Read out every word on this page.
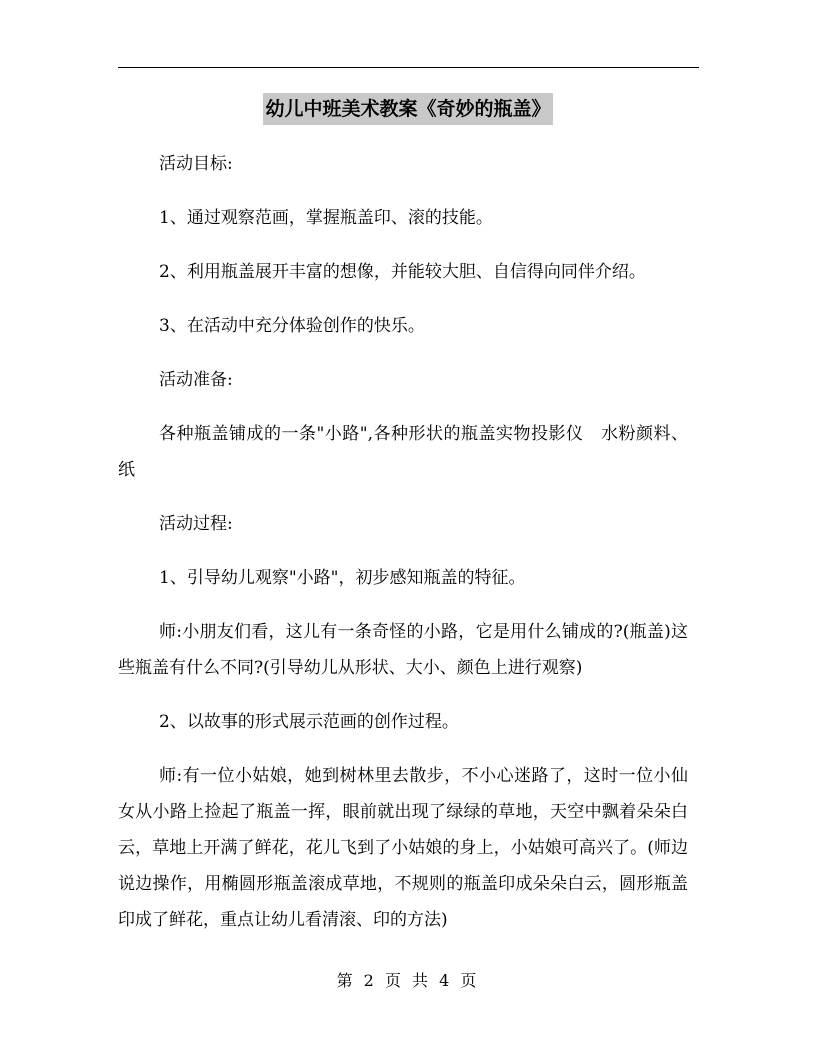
幼儿中班美术教案《奇妙的瓶盖》

活动目标:

1、通过观察范画，掌握瓶盖印、滚的技能。

2、利用瓶盖展开丰富的想像，并能较大胆、自信得向同伴介绍。

3、在活动中充分体验创作的快乐。

活动准备:

各种瓶盖铺成的一条"小路",各种形状的瓶盖实物投影仪　水粉颜料、纸

活动过程:

1、引导幼儿观察"小路"，初步感知瓶盖的特征。

师:小朋友们看，这儿有一条奇怪的小路，它是用什么铺成的?(瓶盖)这些瓶盖有什么不同?(引导幼儿从形状、大小、颜色上进行观察)

2、以故事的形式展示范画的创作过程。

师:有一位小姑娘，她到树林里去散步，不小心迷路了，这时一位小仙女从小路上捡起了瓶盖一挥，眼前就出现了绿绿的草地，天空中飘着朵朵白云，草地上开满了鲜花，花儿飞到了小姑娘的身上，小姑娘可高兴了。(师边说边操作，用椭圆形瓶盖滚成草地，不规则的瓶盖印成朵朵白云，圆形瓶盖印成了鲜花，重点让幼儿看清滚、印的方法)

第 2 页 共 4 页
